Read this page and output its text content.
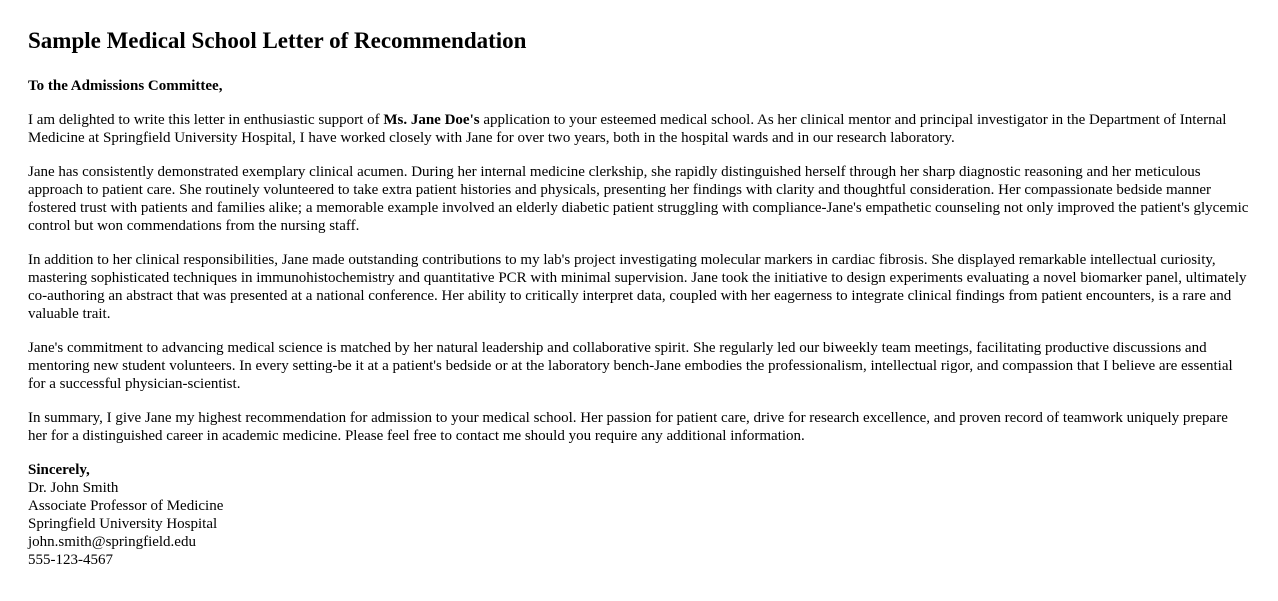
Sample Medical School Letter of Recommendation
To the Admissions Committee,

I am delighted to write this letter in enthusiastic support of Ms. Jane Doe's application to your esteemed medical school. As her clinical mentor and principal investigator in the Department of Internal Medicine at Springfield University Hospital, I have worked closely with Jane for over two years, both in the hospital wards and in our research laboratory.

Jane has consistently demonstrated exemplary clinical acumen. During her internal medicine clerkship, she rapidly distinguished herself through her sharp diagnostic reasoning and her meticulous approach to patient care. She routinely volunteered to take extra patient histories and physicals, presenting her findings with clarity and thoughtful consideration. Her compassionate bedside manner fostered trust with patients and families alike; a memorable example involved an elderly diabetic patient struggling with compliance-Jane's empathetic counseling not only improved the patient's glycemic control but won commendations from the nursing staff.

In addition to her clinical responsibilities, Jane made outstanding contributions to my lab's project investigating molecular markers in cardiac fibrosis. She displayed remarkable intellectual curiosity, mastering sophisticated techniques in immunohistochemistry and quantitative PCR with minimal supervision. Jane took the initiative to design experiments evaluating a novel biomarker panel, ultimately co-authoring an abstract that was presented at a national conference. Her ability to critically interpret data, coupled with her eagerness to integrate clinical findings from patient encounters, is a rare and valuable trait.

Jane's commitment to advancing medical science is matched by her natural leadership and collaborative spirit. She regularly led our biweekly team meetings, facilitating productive discussions and mentoring new student volunteers. In every setting-be it at a patient's bedside or at the laboratory bench-Jane embodies the professionalism, intellectual rigor, and compassion that I believe are essential for a successful physician-scientist.

In summary, I give Jane my highest recommendation for admission to your medical school. Her passion for patient care, drive for research excellence, and proven record of teamwork uniquely prepare her for a distinguished career in academic medicine. Please feel free to contact me should you require any additional information.

Sincerely,
Dr. John Smith
Associate Professor of Medicine
Springfield University Hospital
john.smith@springfield.edu
555-123-4567
